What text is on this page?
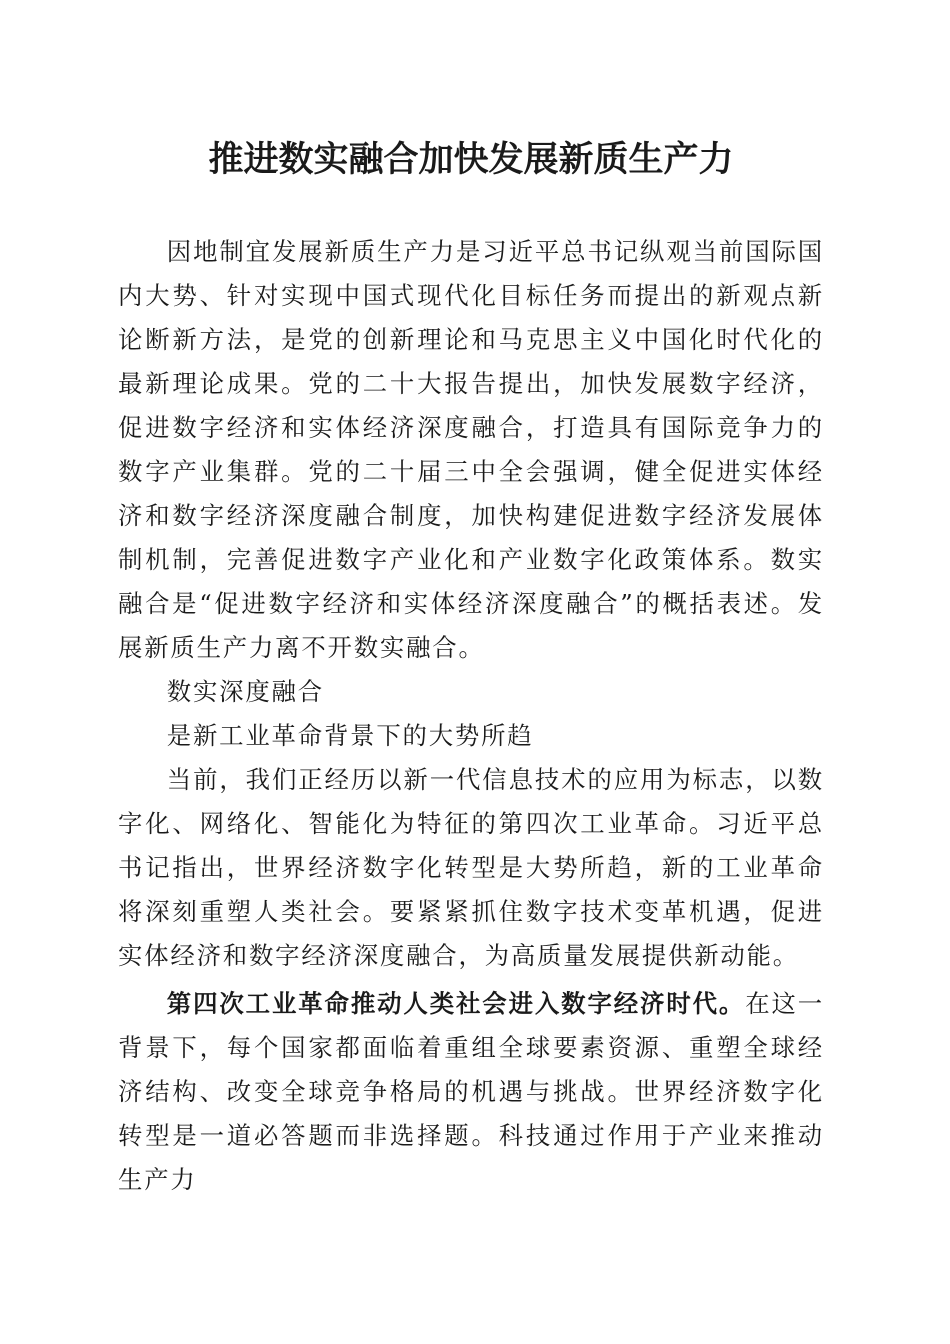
推进数实融合加快发展新质生产力

因地制宜发展新质生产力是习近平总书记纵观当前国际国内大势、针对实现中国式现代化目标任务而提出的新观点新论断新方法，是党的创新理论和马克思主义中国化时代化的最新理论成果。党的二十大报告提出，加快发展数字经济，促进数字经济和实体经济深度融合，打造具有国际竞争力的数字产业集群。党的二十届三中全会强调，健全促进实体经济和数字经济深度融合制度，加快构建促进数字经济发展体制机制，完善促进数字产业化和产业数字化政策体系。数实融合是“促进数字经济和实体经济深度融合”的概括表述。发展新质生产力离不开数实融合。

数实深度融合

是新工业革命背景下的大势所趋

当前，我们正经历以新一代信息技术的应用为标志，以数字化、网络化、智能化为特征的第四次工业革命。习近平总书记指出，世界经济数字化转型是大势所趋，新的工业革命将深刻重塑人类社会。要紧紧抓住数字技术变革机遇，促进实体经济和数字经济深度融合，为高质量发展提供新动能。

第四次工业革命推动人类社会进入数字经济时代。在这一背景下，每个国家都面临着重组全球要素资源、重塑全球经济结构、改变全球竞争格局的机遇与挑战。世界经济数字化转型是一道必答题而非选择题。科技通过作用于产业来推动生产力
